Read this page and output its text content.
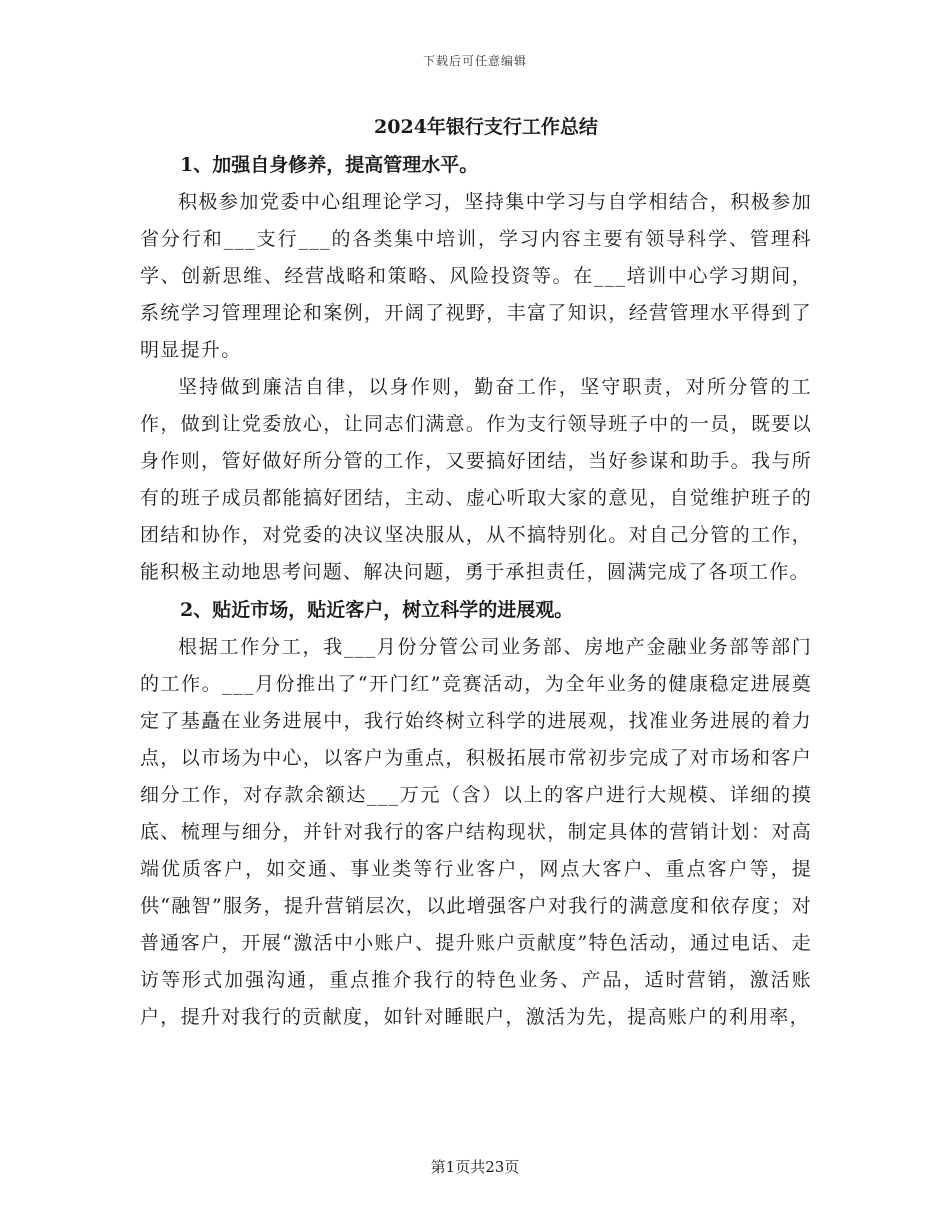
下载后可任意编辑
2024年银行支行工作总结
1、加强自身修养，提高管理水平。

积极参加党委中心组理论学习，坚持集中学习与自学相结合，积极参加省分行和___支行___的各类集中培训，学习内容主要有领导科学、管理科学、创新思维、经营战略和策略、风险投资等。在___培训中心学习期间，系统学习管理理论和案例，开阔了视野，丰富了知识，经营管理水平得到了明显提升。

坚持做到廉洁自律，以身作则，勤奋工作，坚守职责，对所分管的工作，做到让党委放心，让同志们满意。作为支行领导班子中的一员，既要以身作则，管好做好所分管的工作，又要搞好团结，当好参谋和助手。我与所有的班子成员都能搞好团结，主动、虚心听取大家的意见，自觉维护班子的团结和协作，对党委的决议坚决服从，从不搞特别化。对自己分管的工作，能积极主动地思考问题、解决问题，勇于承担责任，圆满完成了各项工作。

2、贴近市场，贴近客户，树立科学的进展观。

根据工作分工，我___月份分管公司业务部、房地产金融业务部等部门的工作。___月份推出了“开门红”竞赛活动，为全年业务的健康稳定进展奠定了基矗在业务进展中，我行始终树立科学的进展观，找准业务进展的着力点，以市场为中心，以客户为重点，积极拓展市常初步完成了对市场和客户细分工作，对存款余额达___万元（含）以上的客户进行大规模、详细的摸底、梳理与细分，并针对我行的客户结构现状，制定具体的营销计划：对高端优质客户，如交通、事业类等行业客户，网点大客户、重点客户等，提供“融智”服务，提升营销层次，以此增强客户对我行的满意度和依存度；对普通客户，开展“激活中小账户、提升账户贡献度”特色活动，通过电话、走访等形式加强沟通，重点推介我行的特色业务、产品，适时营销，激活账户，提升对我行的贡献度，如针对睡眠户，激活为先，提高账户的利用率，

第1页共23页
